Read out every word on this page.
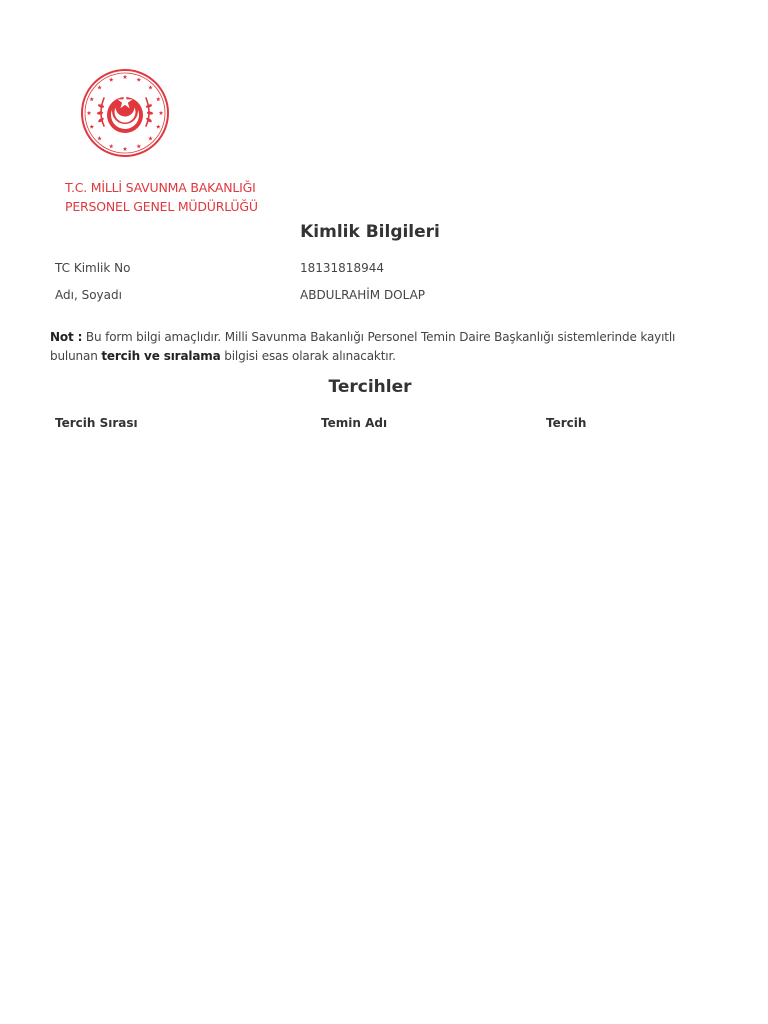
T.C. MİLLİ SAVUNMA BAKANLIĞI
PERSONEL GENEL MÜDÜRLÜĞÜ
Kimlik Bilgileri
TC Kimlik No	18131818944
Adı, Soyadı	ABDULRAHİM DOLAP
Not : Bu form bilgi amaçlıdır. Milli Savunma Bakanlığı Personel Temin Daire Başkanlığı sistemlerinde kayıtlı bulunan tercih ve sıralama bilgisi esas olarak alınacaktır.
Tercihler
Tercih Sırası	Temin Adı	Tercih
